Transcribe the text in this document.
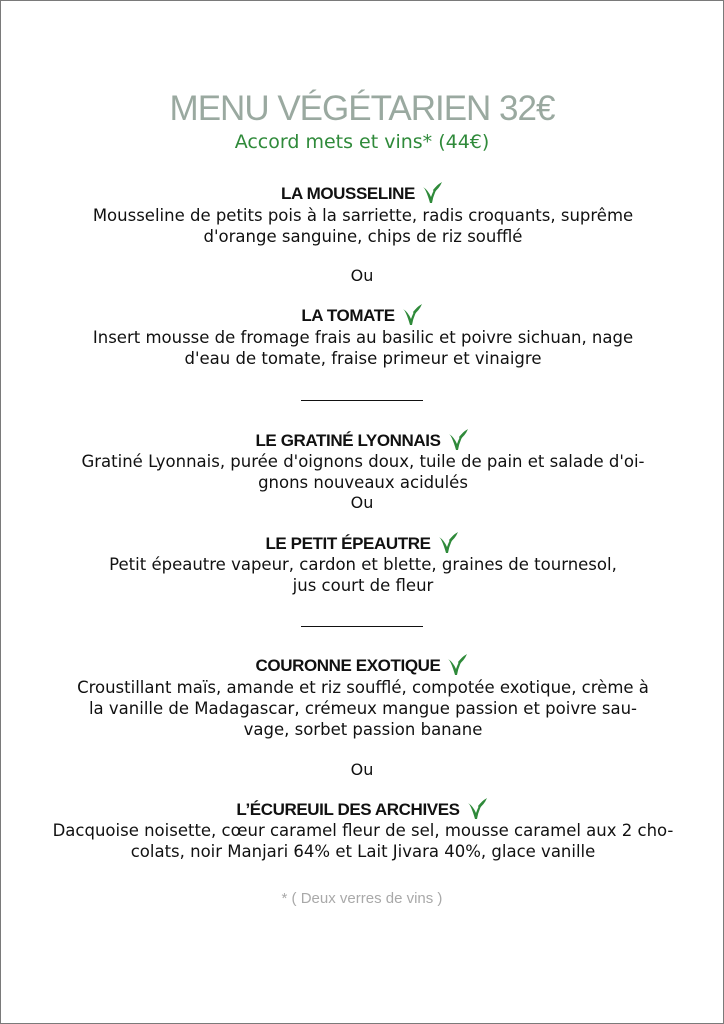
MENU VÉGÉTARIEN 32€
Accord mets et vins* (44€)
LA MOUSSELINE
Mousseline de petits pois à la sarriette, radis croquants, suprême
d'orange sanguine, chips de riz soufflé
Ou
LA TOMATE
Insert mousse de fromage frais au basilic et poivre sichuan, nage
d'eau de tomate, fraise primeur et vinaigre
LE GRATINÉ LYONNAIS
Gratiné Lyonnais, purée d'oignons doux, tuile de pain et salade d'oi-
gnons nouveaux acidulés
Ou
LE PETIT ÉPEAUTRE
Petit épeautre vapeur, cardon et blette, graines de tournesol,
jus court de fleur
COURONNE EXOTIQUE
Croustillant maïs, amande et riz soufflé, compotée exotique, crème à
la vanille de Madagascar, crémeux mangue passion et poivre sau-
vage, sorbet passion banane
Ou
L’ÉCUREUIL DES ARCHIVES
Dacquoise noisette, cœur caramel fleur de sel, mousse caramel aux 2 cho-
colats, noir Manjari 64% et Lait Jivara 40%, glace vanille
* ( Deux verres de vins )
